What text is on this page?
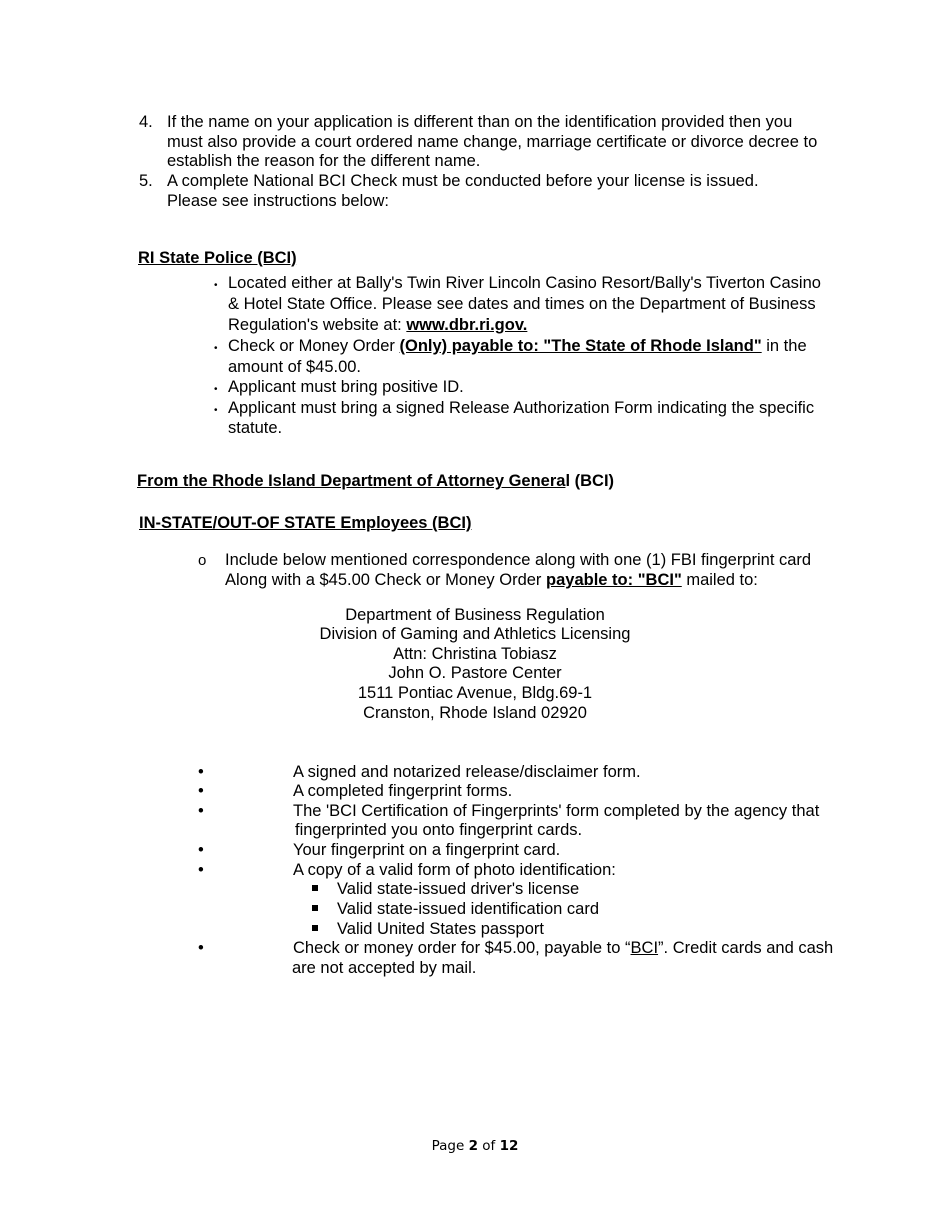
4. If the name on your application is different than on the identification provided then you
must also provide a court ordered name change, marriage certificate or divorce decree to
establish the reason for the different name.
5. A complete National BCI Check must be conducted before your license is issued.
Please see instructions below:
RI State Police (BCI)
• Located either at Bally's Twin River Lincoln Casino Resort/Bally's Tiverton Casino
& Hotel State Office. Please see dates and times on the Department of Business
Regulation's website at: www.dbr.ri.gov.
• Check or Money Order (Only) payable to: "The State of Rhode Island" in the
amount of $45.00.
• Applicant must bring positive ID.
• Applicant must bring a signed Release Authorization Form indicating the specific
statute.
From the Rhode Island Department of Attorney General (BCI)
IN-STATE/OUT-OF STATE Employees (BCI)
o Include below mentioned correspondence along with one (1) FBI fingerprint card
Along with a $45.00 Check or Money Order payable to: "BCI" mailed to:
Department of Business Regulation
Division of Gaming and Athletics Licensing
Attn: Christina Tobiasz
John O. Pastore Center
1511 Pontiac Avenue, Bldg.69-1
Cranston, Rhode Island 02920
•	A signed and notarized release/disclaimer form.
•	A completed fingerprint forms.
•	The 'BCI Certification of Fingerprints' form completed by the agency that
fingerprinted you onto fingerprint cards.
•	Your fingerprint on a fingerprint card.
•	A copy of a valid form of photo identification:
Valid state-issued driver's license
Valid state-issued identification card
Valid United States passport
•	Check or money order for $45.00, payable to “BCI”. Credit cards and cash
are not accepted by mail.
Page 2 of 12
